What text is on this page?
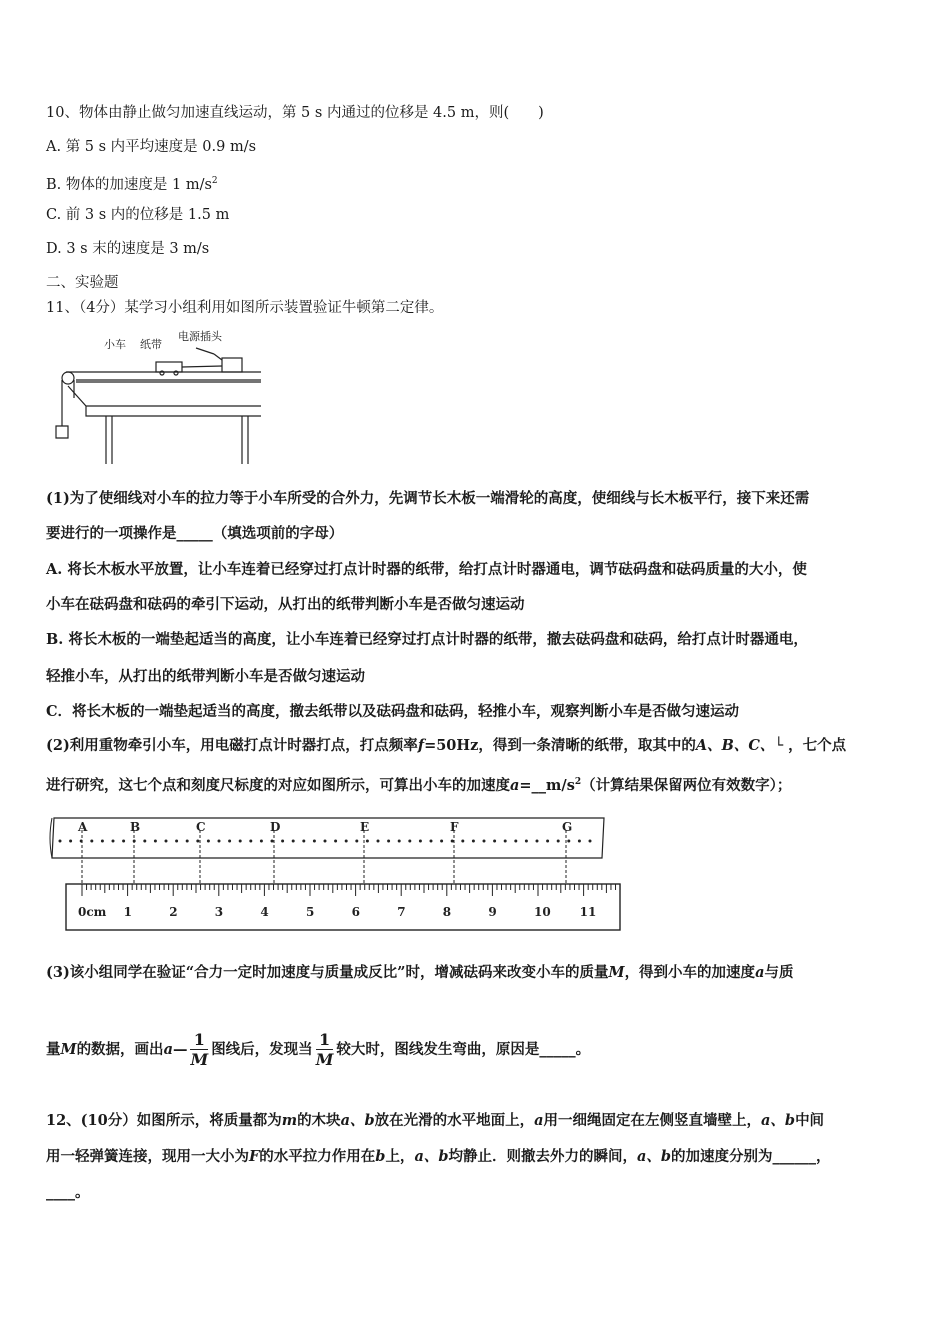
10、物体由静止做匀加速直线运动，第 5 s 内通过的位移是 4.5 m，则(　　)
A. 第 5 s 内平均速度是 0.9 m/s
B. 物体的加速度是 1 $m/s^2$
C. 前 3 s 内的位移是 1.5 m
D. 3 s 末的速度是 3 m/s
二、实验题
11、（4分）某学习小组利用如图所示装置验证牛顿第二定律。
小车 纸带
电源插头
(1)为了使细线对小车的拉力等于小车所受的合外力，先调节长木板一端滑轮的高度，使细线与长木板平行，接下来还需
要进行的一项操作是_____（填选项前的字母）
A. 将长木板水平放置，让小车连着已经穿过打点计时器的纸带，给打点计时器通电，调节砝码盘和砝码质量的大小，使
小车在砝码盘和砝码的牵引下运动，从打出的纸带判断小车是否做匀速运动
B. 将长木板的一端垫起适当的高度，让小车连着已经穿过打点计时器的纸带，撤去砝码盘和砝码，给打点计时器通电，
轻推小车，从打出的纸带判断小车是否做匀速运动
C．将长木板的一端垫起适当的高度，撤去纸带以及砝码盘和砝码，轻推小车，观察判断小车是否做匀速运动
(2)利用重物牵引小车，用电磁打点计时器打点，打点频率f=50Hz，得到一条清晰的纸带，取其中的A、B、C、└ ，七个点
进行研究，这七个点和刻度尺标度的对应如图所示，可算出小车的加速度$a=\_\_m/s^2$（计算结果保留两位有效数字）；
0cm 1	2	3	4	5	6	7	8	9	10 11
A	B	C	D	E	F	G
(3)该小组同学在验证“合力一定时加速度与质量成反比”时，增减砝码来改变小车的质量M，得到小车的加速度a与质
量M的数据，画出a— $\frac{1}{M}$ 图线后，发现当 $\frac{1}{M}$ 较大时，图线发生弯曲，原因是_____。
12、(10分）如图所示，将质量都为m的木块a、b放在光滑的水平地面上，a用一细绳固定在左侧竖直墙壁上，a、b中间
用一轻弹簧连接，现用一大小为F的水平拉力作用在b上，a、b均静止．则撤去外力的瞬间，a、b的加速度分别为______，
____。
